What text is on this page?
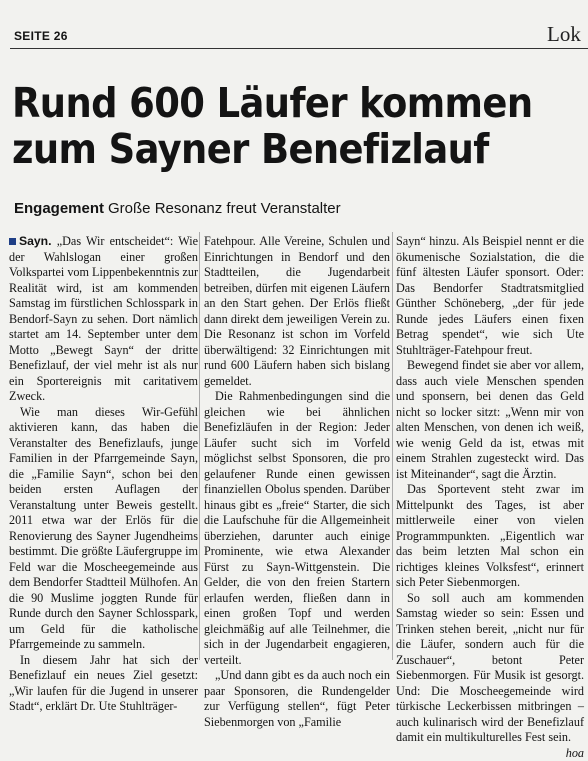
SEITE 26	Lok
Rund 600 Läufer kommen
zum Sayner Benefizlauf
Engagement Große Resonanz freut Veranstalter

Sayn. „Das Wir entscheidet“: Wie der Wahlslogan einer großen Volkspartei vom Lippenbekenntnis zur Realität wird, ist am kommenden Samstag im fürstlichen Schlosspark in Bendorf-Sayn zu sehen. Dort nämlich startet am 14. September unter dem Motto „Bewegt Sayn“ der dritte Benefizlauf, der viel mehr ist als nur ein Sportereignis mit caritativem Zweck.

Wie man dieses Wir-Gefühl aktivieren kann, das haben die Veranstalter des Benefizlaufs, junge Familien in der Pfarrgemeinde Sayn, die „Familie Sayn“, schon bei den beiden ersten Auflagen der Veranstaltung unter Beweis gestellt. 2011 etwa war der Erlös für die Renovierung des Sayner Jugendheims bestimmt. Die größte Läufergruppe im Feld war die Moscheegemeinde aus dem Bendorfer Stadtteil Mülhofen. An die 90 Muslime joggten Runde für Runde durch den Sayner Schlosspark, um Geld für die katholische Pfarrgemeinde zu sammeln.

In diesem Jahr hat sich der Benefizlauf ein neues Ziel gesetzt: „Wir laufen für die Jugend in unserer Stadt“, erklärt Dr. Ute Stuhlträger-

Fatehpour. Alle Vereine, Schulen und Einrichtungen in Bendorf und den Stadtteilen, die Jugendarbeit betreiben, dürfen mit eigenen Läufern an den Start gehen. Der Erlös fließt dann direkt dem jeweiligen Verein zu. Die Resonanz ist schon im Vorfeld überwältigend: 32 Einrichtungen mit rund 600 Läufern haben sich bislang gemeldet.

Die Rahmenbedingungen sind die gleichen wie bei ähnlichen Benefizläufen in der Region: Jeder Läufer sucht sich im Vorfeld möglichst selbst Sponsoren, die pro gelaufener Runde einen gewissen finanziellen Obolus spenden. Darüber hinaus gibt es „freie“ Starter, die sich die Laufschuhe für die Allgemeinheit überziehen, darunter auch einige Prominente, wie etwa Alexander Fürst zu Sayn-Wittgenstein. Die Gelder, die von den freien Startern erlaufen werden, fließen dann in einen großen Topf und werden gleichmäßig auf alle Teilnehmer, die sich in der Jugendarbeit engagieren, verteilt.

„Und dann gibt es da auch noch ein paar Sponsoren, die Rundengelder zur Verfügung stellen“, fügt Peter Siebenmorgen von „Familie

Sayn“ hinzu. Als Beispiel nennt er die ökumenische Sozialstation, die die fünf ältesten Läufer sponsort. Oder: Das Bendorfer Stadtratsmitglied Günther Schöneberg, „der für jede Runde jedes Läufers einen fixen Betrag spendet“, wie sich Ute Stuhlträger-Fatehpour freut.

Bewegend findet sie aber vor allem, dass auch viele Menschen spenden und sponsern, bei denen das Geld nicht so locker sitzt: „Wenn mir von alten Menschen, von denen ich weiß, wie wenig Geld da ist, etwas mit einem Strahlen zugesteckt wird. Das ist Miteinander“, sagt die Ärztin.

Das Sportevent steht zwar im Mittelpunkt des Tages, ist aber mittlerweile einer von vielen Programmpunkten. „Eigentlich war das beim letzten Mal schon ein richtiges kleines Volksfest“, erinnert sich Peter Siebenmorgen.

So soll auch am kommenden Samstag wieder so sein: Essen und Trinken stehen bereit, „nicht nur für die Läufer, sondern auch für die Zuschauer“, betont Peter Siebenmorgen. Für Musik ist gesorgt. Und: Die Moscheegemeinde wird türkische Leckerbissen mitbringen – auch kulinarisch wird der Benefizlauf damit ein multikulturelles Fest sein.

hoa
